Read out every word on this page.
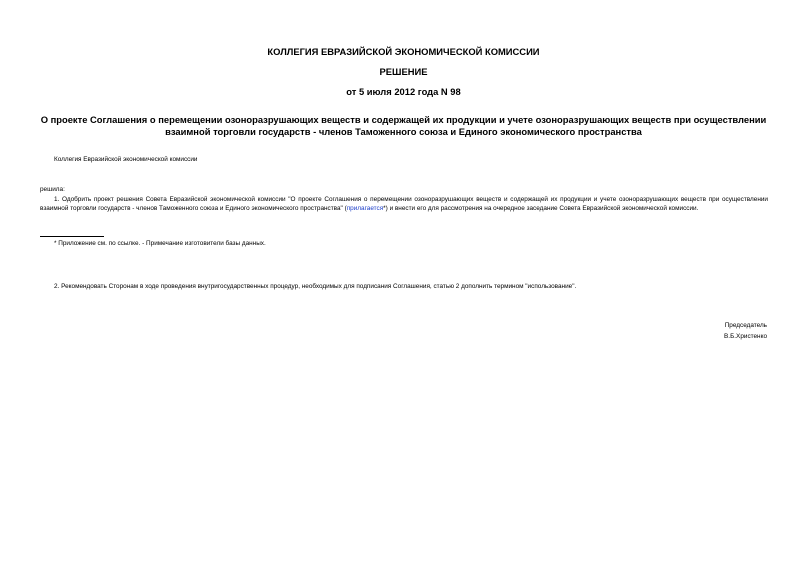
КОЛЛЕГИЯ ЕВРАЗИЙСКОЙ ЭКОНОМИЧЕСКОЙ КОМИССИИ
РЕШЕНИЕ
от 5 июля 2012 года N 98
О проекте Соглашения о перемещении озоноразрушающих веществ и содержащей их продукции и учете озоноразрушающих веществ при осуществлении взаимной торговли государств - членов Таможенного союза и Единого экономического пространства
Коллегия Евразийской экономической комиссии
решила:
1. Одобрить проект решения Совета Евразийской экономической комиссии "О проекте Соглашения о перемещении озоноразрушающих веществ и содержащей их продукции и учете озоноразрушающих веществ при осуществлении взаимной торговли государств - членов Таможенного союза и Единого экономического пространства" (прилагается*) и внести его для рассмотрения на очередное заседание Совета Евразийской экономической комиссии.
* Приложение см. по ссылке. - Примечание изготовители базы данных.
2. Рекомендовать Сторонам в ходе проведения внутригосударственных процедур, необходимых для подписания Соглашения, статью 2 дополнить термином "использование".
Председатель
В.Б.Христенко
